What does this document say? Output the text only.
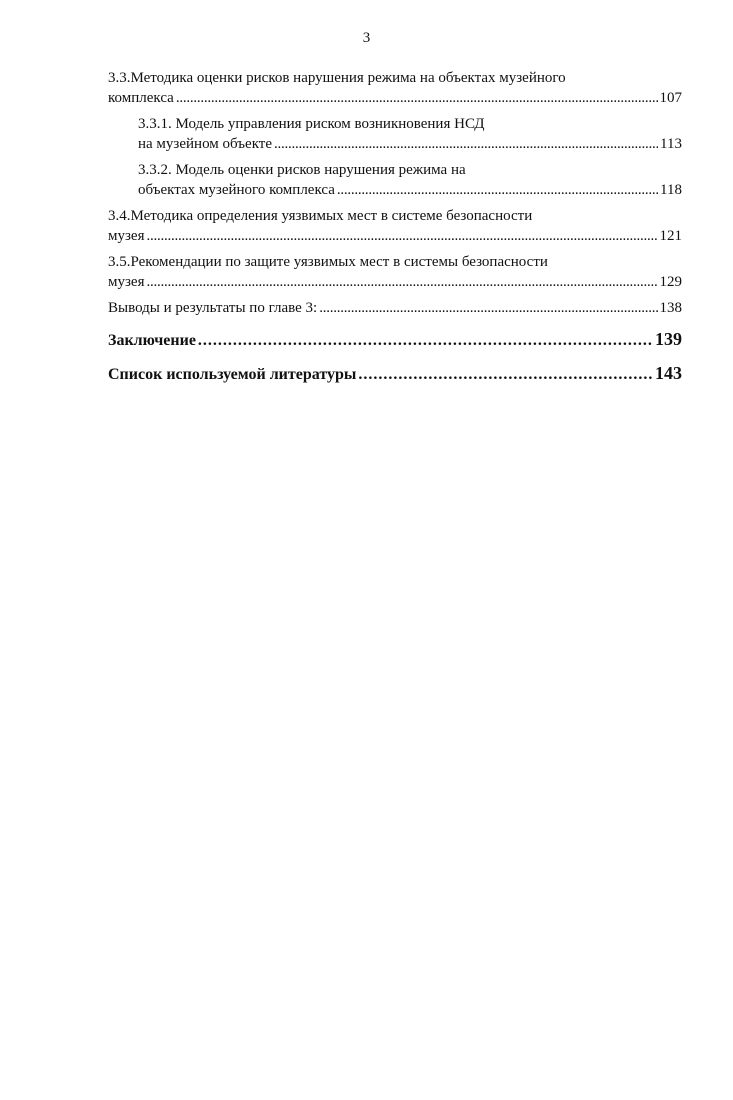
3
3.3.Методика оценки рисков нарушения режима на объектах музейного
комплекса . . .	107
3.3.1. Модель управления риском возникновения НСД
на музейном объекте . . .	113
3.3.2. Модель оценки рисков нарушения режима на
объектах музейного комплекса . . .	118
3.4.Методика определения уязвимых мест в системе безопасности
музея . . .	121
3.5.Рекомендации по защите уязвимых мест в системы безопасности
музея . . .	129
Выводы и результаты по главе 3: . . .	138
Заключение . . .	139
Список используемой литературы . . .	143
